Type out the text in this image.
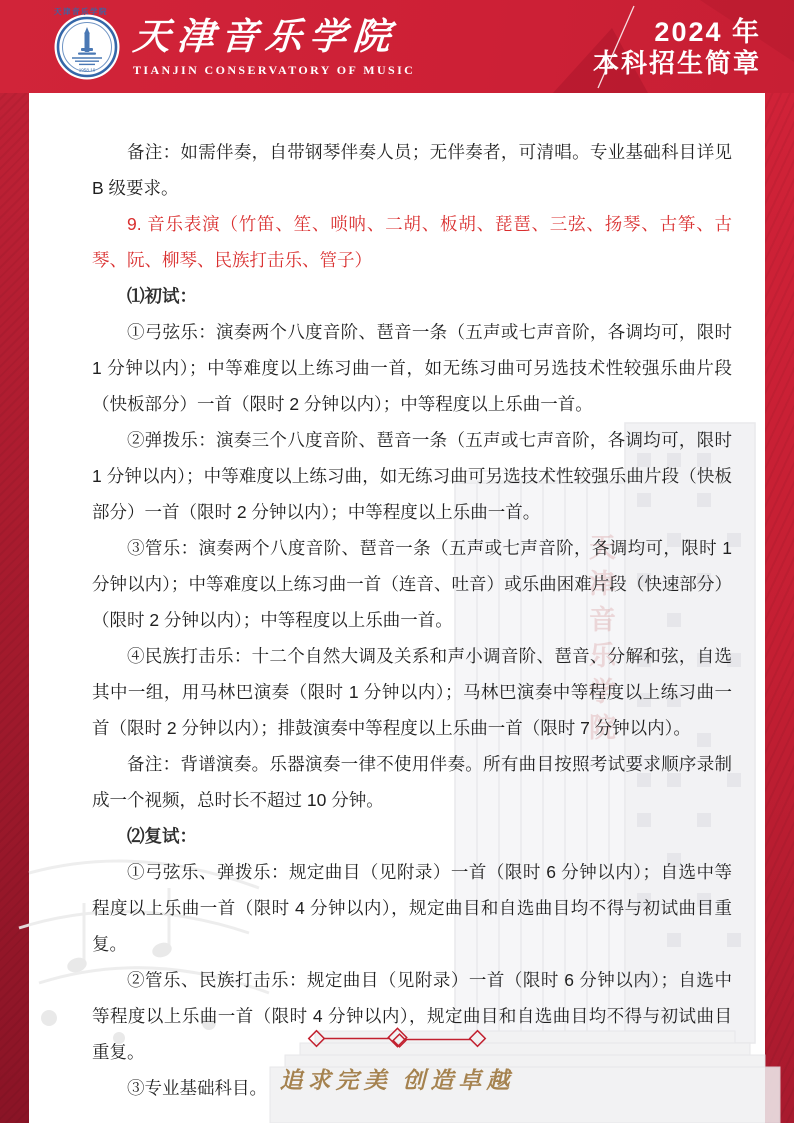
天津音乐学院
1958.10
天津音乐学院
TIANJIN CONSERVATORY OF MUSIC
2024 年
本科招生简章
天津音乐学院

备注：如需伴奏，自带钢琴伴奏人员；无伴奏者，可清唱。专业基础科目详见 B 级要求。

9. 音乐表演（竹笛、笙、唢呐、二胡、板胡、琵琶、三弦、扬琴、古筝、古琴、阮、柳琴、民族打击乐、管子）

⑴初试：

①弓弦乐：演奏两个八度音阶、琶音一条（五声或七声音阶，各调均可，限时 1 分钟以内）；中等难度以上练习曲一首，如无练习曲可另选技术性较强乐曲片段（快板部分）一首（限时 2 分钟以内）；中等程度以上乐曲一首。

②弹拨乐：演奏三个八度音阶、琶音一条（五声或七声音阶，各调均可，限时 1 分钟以内）；中等难度以上练习曲，如无练习曲可另选技术性较强乐曲片段（快板部分）一首（限时 2 分钟以内）；中等程度以上乐曲一首。

③管乐：演奏两个八度音阶、琶音一条（五声或七声音阶，各调均可，限时 1 分钟以内）；中等难度以上练习曲一首（连音、吐音）或乐曲困难片段（快速部分）（限时 2 分钟以内）；中等程度以上乐曲一首。

④民族打击乐：十二个自然大调及关系和声小调音阶、琶音、分解和弦，自选其中一组，用马林巴演奏（限时 1 分钟以内）；马林巴演奏中等程度以上练习曲一首（限时 2 分钟以内）；排鼓演奏中等程度以上乐曲一首（限时 7 分钟以内）。

备注：背谱演奏。乐器演奏一律不使用伴奏。所有曲目按照考试要求顺序录制成一个视频，总时长不超过 10 分钟。

⑵复试：

①弓弦乐、弹拨乐：规定曲目（见附录）一首（限时 6 分钟以内）；自选中等程度以上乐曲一首（限时 4 分钟以内），规定曲目和自选曲目均不得与初试曲目重复。

②管乐、民族打击乐：规定曲目（见附录）一首（限时 6 分钟以内）；自选中等程度以上乐曲一首（限时 4 分钟以内），规定曲目和自选曲目均不得与初试曲目重复。

③专业基础科目。 追求完美 创造卓越
